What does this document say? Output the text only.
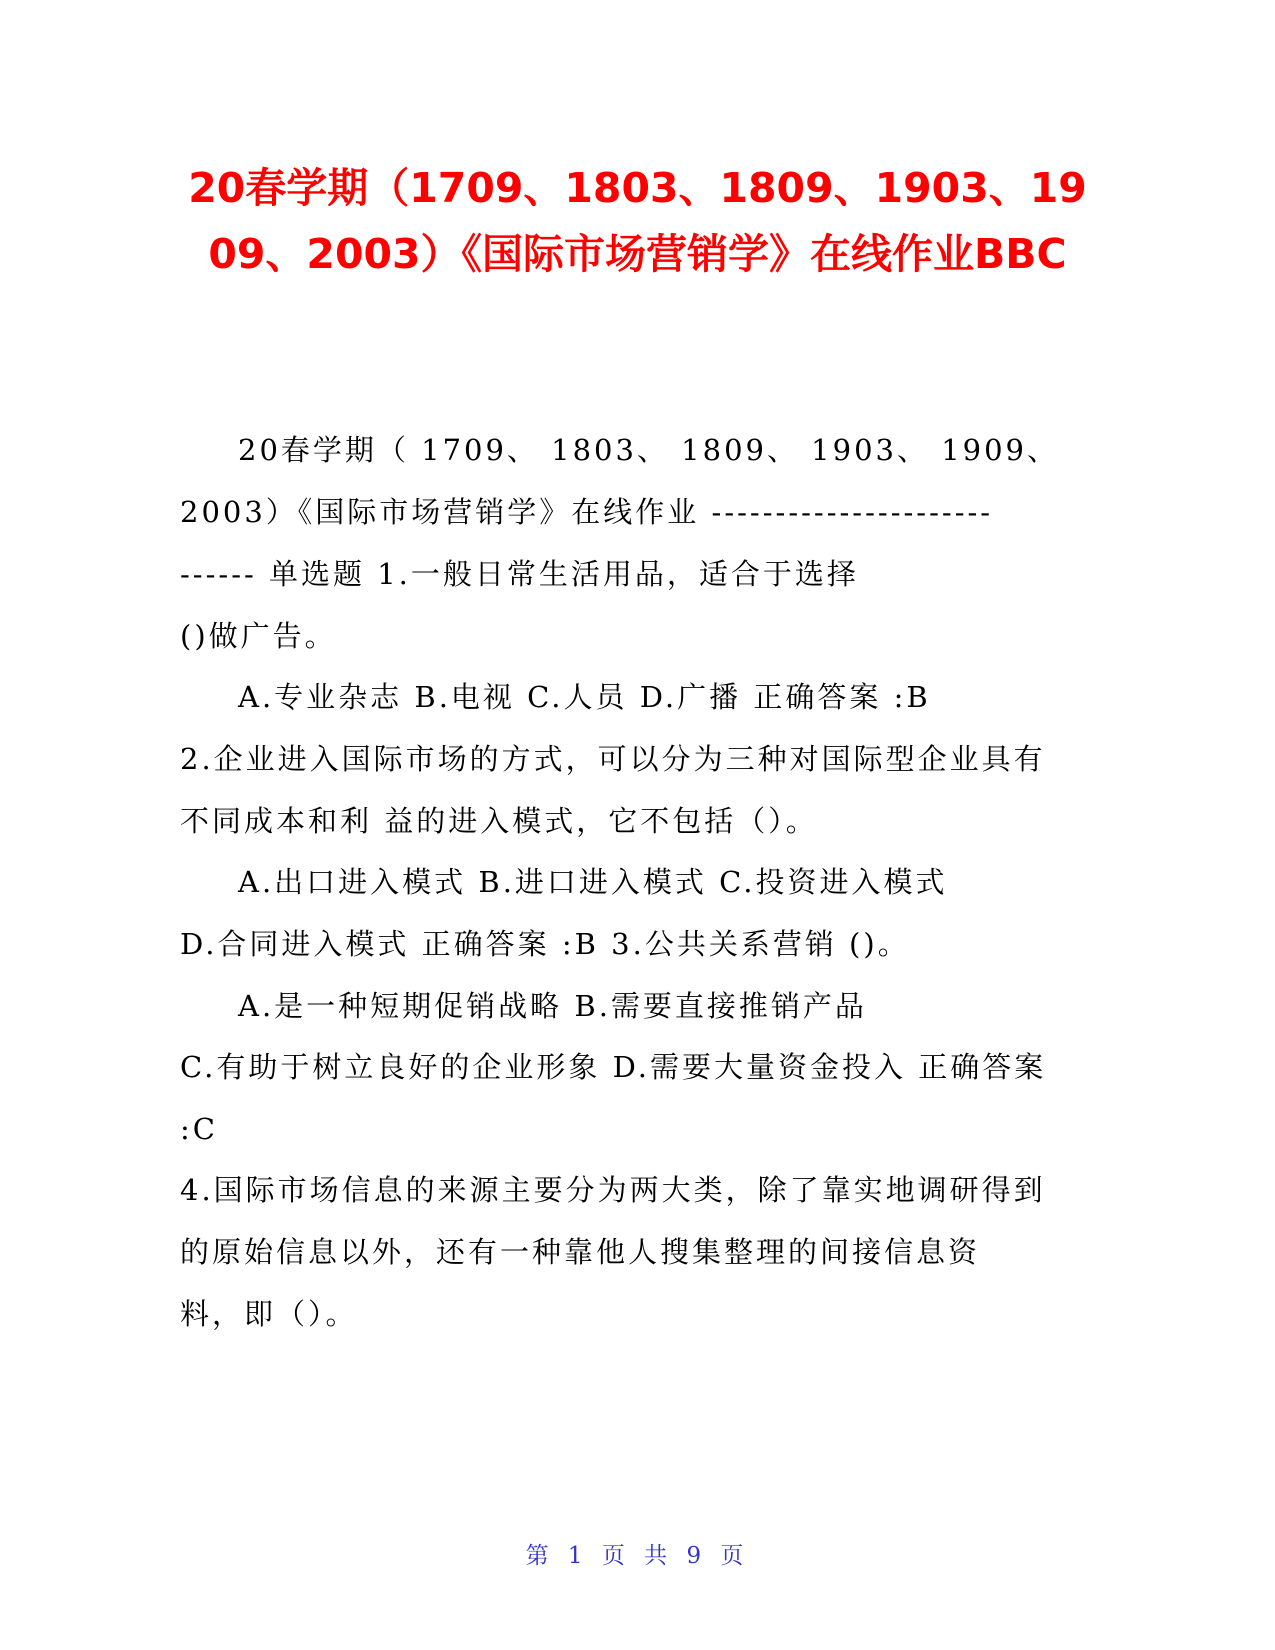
20春学期（1709、1803、1809、1903、1909、2003）《国际市场营销学》在线作业BBC
20春学期（ 1709、 1803、 1809、 1903、 1909、
2003）《国际市场营销学》在线作业 ----------------------
------ 单选题 1.一般日常生活用品，适合于选择
()做广告。
A.专业杂志 B.电视 C.人员 D.广播 正确答案 :B
2.企业进入国际市场的方式，可以分为三种对国际型企业具有
不同成本和利 益的进入模式，它不包括（）。
A.出口进入模式 B.进口进入模式 C.投资进入模式
D.合同进入模式 正确答案 :B 3.公共关系营销 ()。
A.是一种短期促销战略 B.需要直接推销产品
C.有助于树立良好的企业形象 D.需要大量资金投入 正确答案
:C
4.国际市场信息的来源主要分为两大类，除了靠实地调研得到
的原始信息以外，还有一种靠他人搜集整理的间接信息资
料，即（）。
第 1 页 共 9 页
